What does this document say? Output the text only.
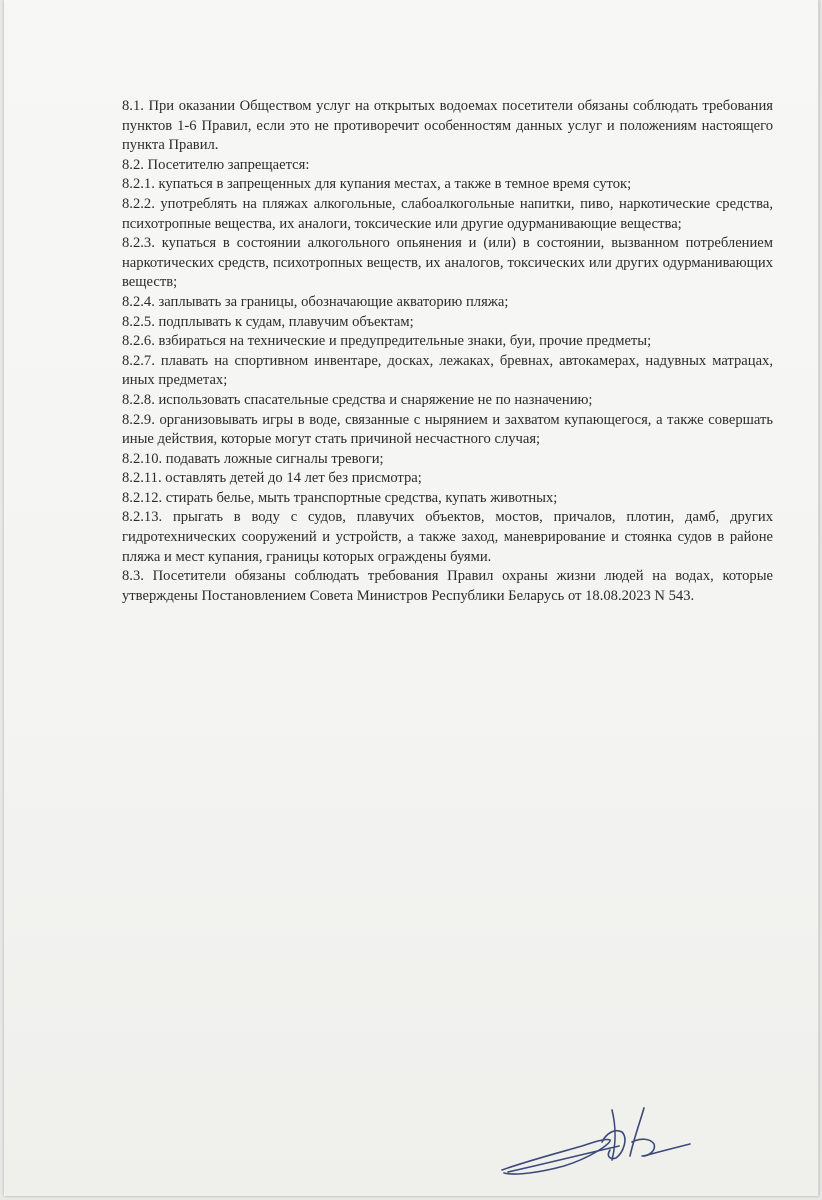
8.1. При оказании Обществом услуг на открытых водоемах посетители обязаны соблюдать требования пунктов 1-6 Правил, если это не противоречит особенностям данных услуг и положениям настоящего пункта Правил.

8.2. Посетителю запрещается:

8.2.1. купаться в запрещенных для купания местах, а также в темное время суток;

8.2.2. употреблять на пляжах алкогольные, слабоалкогольные напитки, пиво, наркотические средства, психотропные вещества, их аналоги, токсические или другие одурманивающие вещества;

8.2.3. купаться в состоянии алкогольного опьянения и (или) в состоянии, вызванном потреблением наркотических средств, психотропных веществ, их аналогов, токсических или других одурманивающих веществ;

8.2.4. заплывать за границы, обозначающие акваторию пляжа;

8.2.5. подплывать к судам, плавучим объектам;

8.2.6. взбираться на технические и предупредительные знаки, буи, прочие предметы;

8.2.7. плавать на спортивном инвентаре, досках, лежаках, бревнах, автокамерах, надувных матрацах, иных предметах;

8.2.8. использовать спасательные средства и снаряжение не по назначению;

8.2.9. организовывать игры в воде, связанные с нырянием и захватом купающегося, а также совершать иные действия, которые могут стать причиной несчастного случая;

8.2.10. подавать ложные сигналы тревоги;

8.2.11. оставлять детей до 14 лет без присмотра;

8.2.12. стирать белье, мыть транспортные средства, купать животных;

8.2.13. прыгать в воду с судов, плавучих объектов, мостов, причалов, плотин, дамб, других гидротехнических сооружений и устройств, а также заход, маневрирование и стоянка судов в районе пляжа и мест купания, границы которых ограждены буями.

8.3. Посетители обязаны соблюдать требования Правил охраны жизни людей на водах, которые утверждены Постановлением Совета Министров Республики Беларусь от 18.08.2023 N 543.
